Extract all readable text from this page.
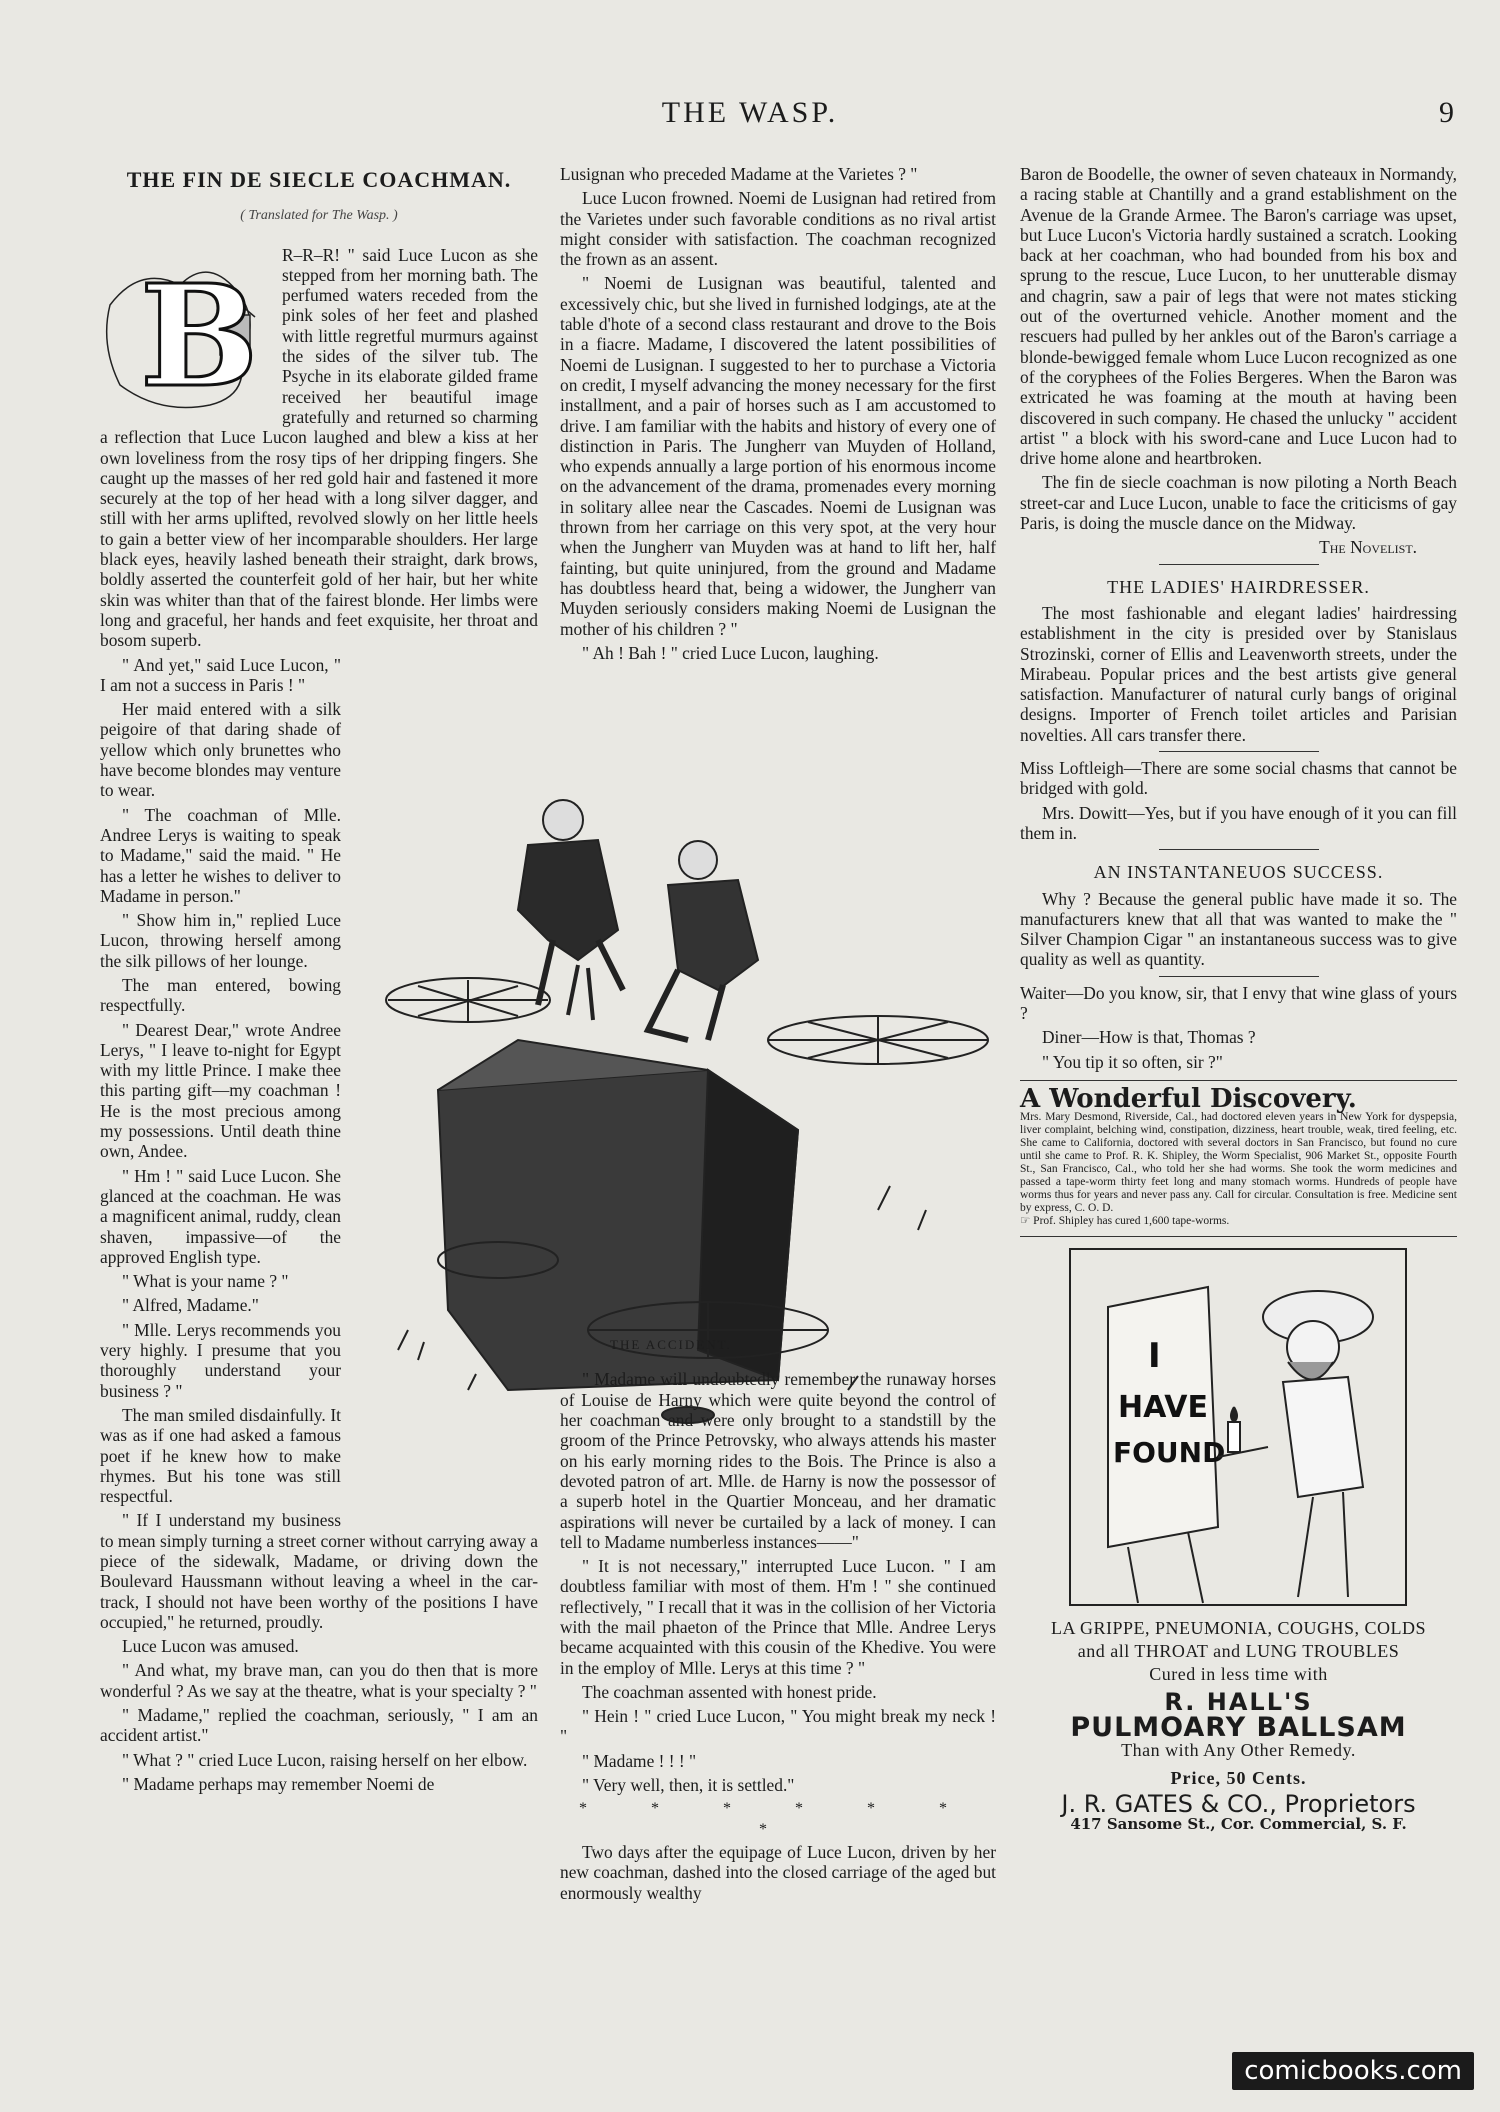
THE WASP.	9
THE FIN DE SIECLE COACHMAN.
( Translated for The Wasp. )
B	R–R–R! " said Luce Lucon as she stepped from her morning bath. The perfumed waters receded from the pink soles of her feet and plashed with little regretful murmurs against the sides of the silver tub. The Psyche in its elaborate gilded frame received her beautiful image gratefully and returned so charming a reflection that Luce Lucon laughed and blew a kiss at her own loveliness from the rosy tips of her dripping fingers. She caught up the masses of her red gold hair and fastened it more securely at the top of her head with a long silver dagger, and still with her arms uplifted, revolved slowly on her little heels to gain a better view of her incomparable shoulders. Her large black eyes, heavily lashed beneath their straight, dark brows, boldly asserted the counterfeit gold of her hair, but her white skin was whiter than that of the fairest blonde. Her limbs were long and graceful, her hands and feet exquisite, her throat and bosom superb.

" And yet," said Luce Lucon, " I am not a success in Paris ! "

Her maid entered with a silk peigoire of that daring shade of yellow which only brunettes who have become blondes may venture to wear.

" The coachman of Mlle. Andree Lerys is waiting to speak to Madame," said the maid. " He has a letter he wishes to deliver to Madame in person."

" Show him in," replied Luce Lucon, throwing herself among the silk pillows of her lounge.

The man entered, bowing respectfully.

" Dearest Dear," wrote Andree Lerys, " I leave to-night for Egypt with my little Prince. I make thee this parting gift—my coachman ! He is the most precious among my possessions. Until death thine own, Andee.

" Hm ! " said Luce Lucon. She glanced at the coachman. He was a magnificent animal, ruddy, clean shaven, impassive—of the approved English type.

" What is your name ? "

" Alfred, Madame."

" Mlle. Lerys recommends you very highly. I presume that you thoroughly understand your business ? "

The man smiled disdainfully. It was as if one had asked a famous poet if he knew how to make rhymes. But his tone was still respectful.

" If I understand my business to mean simply turning a street corner without carrying away a piece of the sidewalk, Madame, or driving down the Boulevard Haussmann without leaving a wheel in the car-track, I should not have been worthy of the positions I have occupied," he returned, proudly.

Luce Lucon was amused.

" And what, my brave man, can you do then that is more wonderful ? As we say at the theatre, what is your specialty ? "

" Madame," replied the coachman, seriously, " I am an accident artist."

" What ? " cried Luce Lucon, raising herself on her elbow.

" Madame perhaps may remember Noemi de

Lusignan who preceded Madame at the Varietes ? "

Luce Lucon frowned. Noemi de Lusignan had retired from the Varietes under such favorable conditions as no rival artist might consider with satisfaction. The coachman recognized the frown as an assent.

" Noemi de Lusignan was beautiful, talented and excessively chic, but she lived in furnished lodgings, ate at the table d'hote of a second class restaurant and drove to the Bois in a fiacre. Madame, I discovered the latent possibilities of Noemi de Lusignan. I suggested to her to purchase a Victoria on credit, I myself advancing the money necessary for the first installment, and a pair of horses such as I am accustomed to drive. I am familiar with the habits and history of every one of distinction in Paris. The Jungherr van Muyden of Holland, who expends annually a large portion of his enormous income on the advancement of the drama, promenades every morning in solitary allee near the Cascades. Noemi de Lusignan was thrown from her carriage on this very spot, at the very hour when the Jungherr van Muyden was at hand to lift her, half fainting, but quite uninjured, from the ground and Madame has doubtless heard that, being a widower, the Jungherr van Muyden seriously considers making Noemi de Lusignan the mother of his children ? "

" Ah ! Bah ! " cried Luce Lucon, laughing.

THE ACCIDENT.

" Madame will undoubtedly remember the runaway horses of Louise de Harny which were quite beyond the control of her coachman and were only brought to a standstill by the groom of the Prince Petrovsky, who always attends his master on his early morning rides to the Bois. The Prince is also a devoted patron of art. Mlle. de Harny is now the possessor of a superb hotel in the Quartier Monceau, and her dramatic aspirations will never be curtailed by a lack of money. I can tell to Madame numberless instances——"

" It is not necessary," interrupted Luce Lucon. " I am doubtless familiar with most of them. H'm ! " she continued reflectively, " I recall that it was in the collision of her Victoria with the mail phaeton of the Prince that Mlle. Andree Lerys became acquainted with this cousin of the Khedive. You were in the employ of Mlle. Lerys at this time ? "

The coachman assented with honest pride.

" Hein ! " cried Luce Lucon, " You might break my neck ! "

" Madame ! ! ! "

" Very well, then, it is settled."

* * * * * * *

Two days after the equipage of Luce Lucon, driven by her new coachman, dashed into the closed carriage of the aged but enormously wealthy

Baron de Boodelle, the owner of seven chateaux in Normandy, a racing stable at Chantilly and a grand establishment on the Avenue de la Grande Armee. The Baron's carriage was upset, but Luce Lucon's Victoria hardly sustained a scratch. Looking back at her coachman, who had bounded from his box and sprung to the rescue, Luce Lucon, to her unutterable dismay and chagrin, saw a pair of legs that were not mates sticking out of the overturned vehicle. Another moment and the rescuers had pulled by her ankles out of the Baron's carriage a blonde-bewigged female whom Luce Lucon recognized as one of the coryphees of the Folies Bergeres. When the Baron was extricated he was foaming at the mouth at having been discovered in such company. He chased the unlucky " accident artist " a block with his sword-cane and Luce Lucon had to drive home alone and heartbroken.

The fin de siecle coachman is now piloting a North Beach street-car and Luce Lucon, unable to face the criticisms of gay Paris, is doing the muscle dance on the Midway.

The Novelist.
THE LADIES' HAIRDRESSER.

The most fashionable and elegant ladies' hairdressing establishment in the city is presided over by Stanislaus Strozinski, corner of Ellis and Leavenworth streets, under the Mirabeau. Popular prices and the best artists give general satisfaction. Manufacturer of natural curly bangs of original designs. Importer of French toilet articles and Parisian novelties. All cars transfer there.

Miss Loftleigh—There are some social chasms that cannot be bridged with gold.

Mrs. Dowitt—Yes, but if you have enough of it you can fill them in.

AN INSTANTANEUOS SUCCESS.

Why ? Because the general public have made it so. The manufacturers knew that all that was wanted to make the " Silver Champion Cigar " an instantaneous success was to give quality as well as quantity.

Waiter—Do you know, sir, that I envy that wine glass of yours ?

Diner—How is that, Thomas ?

" You tip it so often, sir ?"

A Wonderful Discovery.
Mrs. Mary Desmond, Riverside, Cal., had doctored eleven years in New York for dyspepsia, liver complaint, belching wind, constipation, dizziness, heart trouble, weak, tired feeling, etc. She came to California, doctored with several doctors in San Francisco, but found no cure until she came to Prof. R. K. Shipley, the Worm Specialist, 906 Market St., opposite Fourth St., San Francisco, Cal., who told her she had worms. She took the worm medicines and passed a tape-worm thirty feet long and many stomach worms. Hundreds of people have worms thus for years and never pass any. Call for circular. Consultation is free. Medicine sent by express, C. O. D.
☞ Prof. Shipley has cured 1,600 tape-worms.
I
HAVE
FOUND
LA GRIPPE, PNEUMONIA, COUGHS, COLDS
and all THROAT and LUNG TROUBLES
Cured in less time with
R. HALL'S
PULMOARY BALLSAM
Than with Any Other Remedy.
Price, 50 Cents.
J. R. GATES & CO., Proprietors
417 Sansome St., Cor. Commercial, S. F.
comicbooks.com
